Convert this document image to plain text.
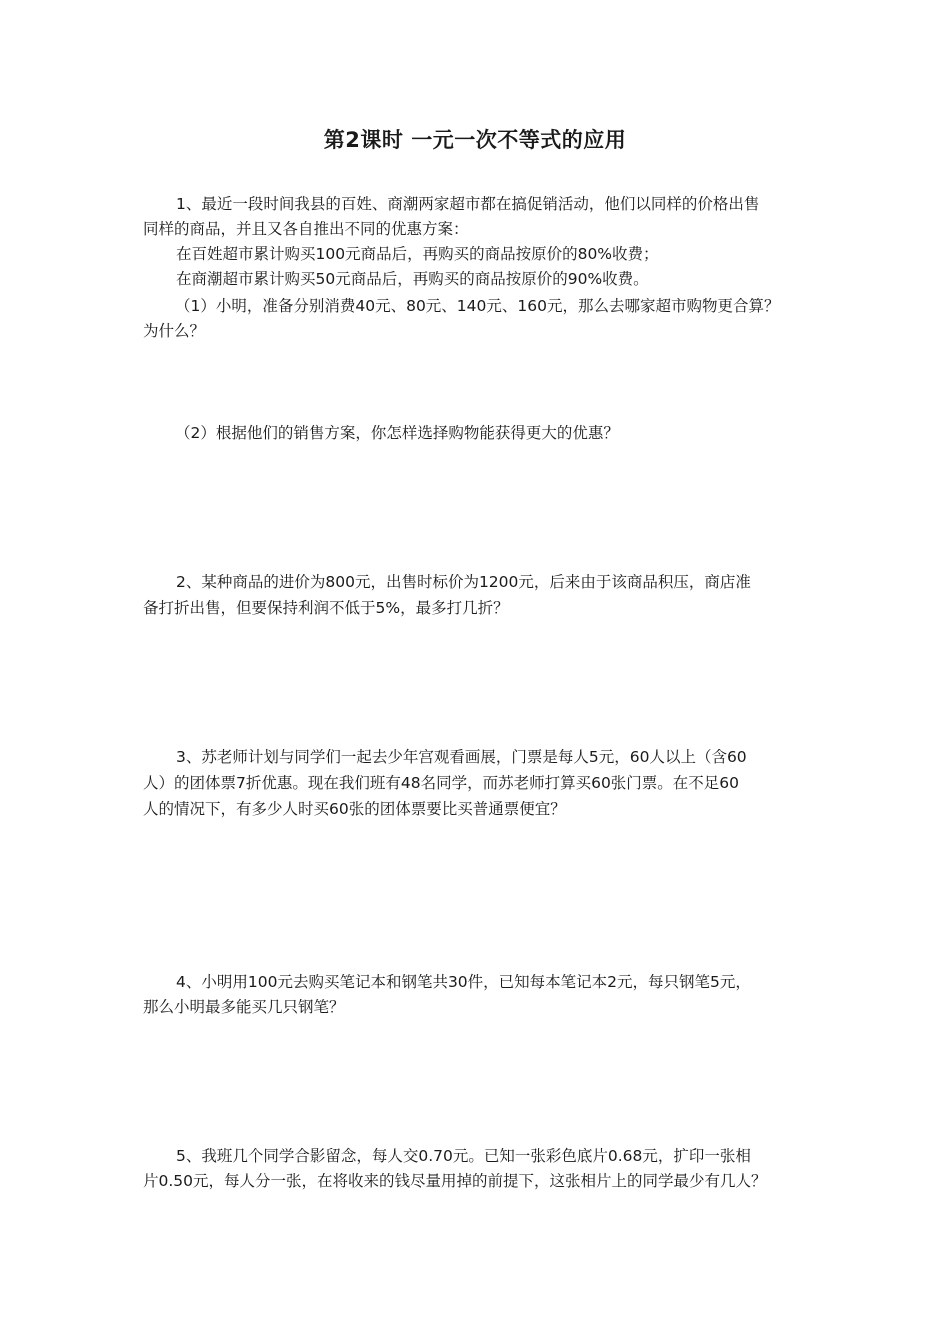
第2课时 一元一次不等式的应用

1、最近一段时间我县的百姓、商潮两家超市都在搞促销活动，他们以同样的价格出售

同样的商品，并且又各自推出不同的优惠方案：

在百姓超市累计购买100元商品后，再购买的商品按原价的80%收费；

在商潮超市累计购买50元商品后，再购买的商品按原价的90%收费。

（1）小明，准备分别消费40元、80元、140元、160元，那么去哪家超市购物更合算？

为什么？

（2）根据他们的销售方案，你怎样选择购物能获得更大的优惠？

2、某种商品的进价为800元，出售时标价为1200元，后来由于该商品积压，商店准

备打折出售，但要保持利润不低于5%，最多打几折？

3、苏老师计划与同学们一起去少年宫观看画展，门票是每人5元，60人以上（含60

人）的团体票7折优惠。现在我们班有48名同学，而苏老师打算买60张门票。在不足60

人的情况下，有多少人时买60张的团体票要比买普通票便宜？

4、小明用100元去购买笔记本和钢笔共30件，已知每本笔记本2元，每只钢笔5元，

那么小明最多能买几只钢笔？

5、我班几个同学合影留念，每人交0.70元。已知一张彩色底片0.68元，扩印一张相

片0.50元，每人分一张，在将收来的钱尽量用掉的前提下，这张相片上的同学最少有几人？
